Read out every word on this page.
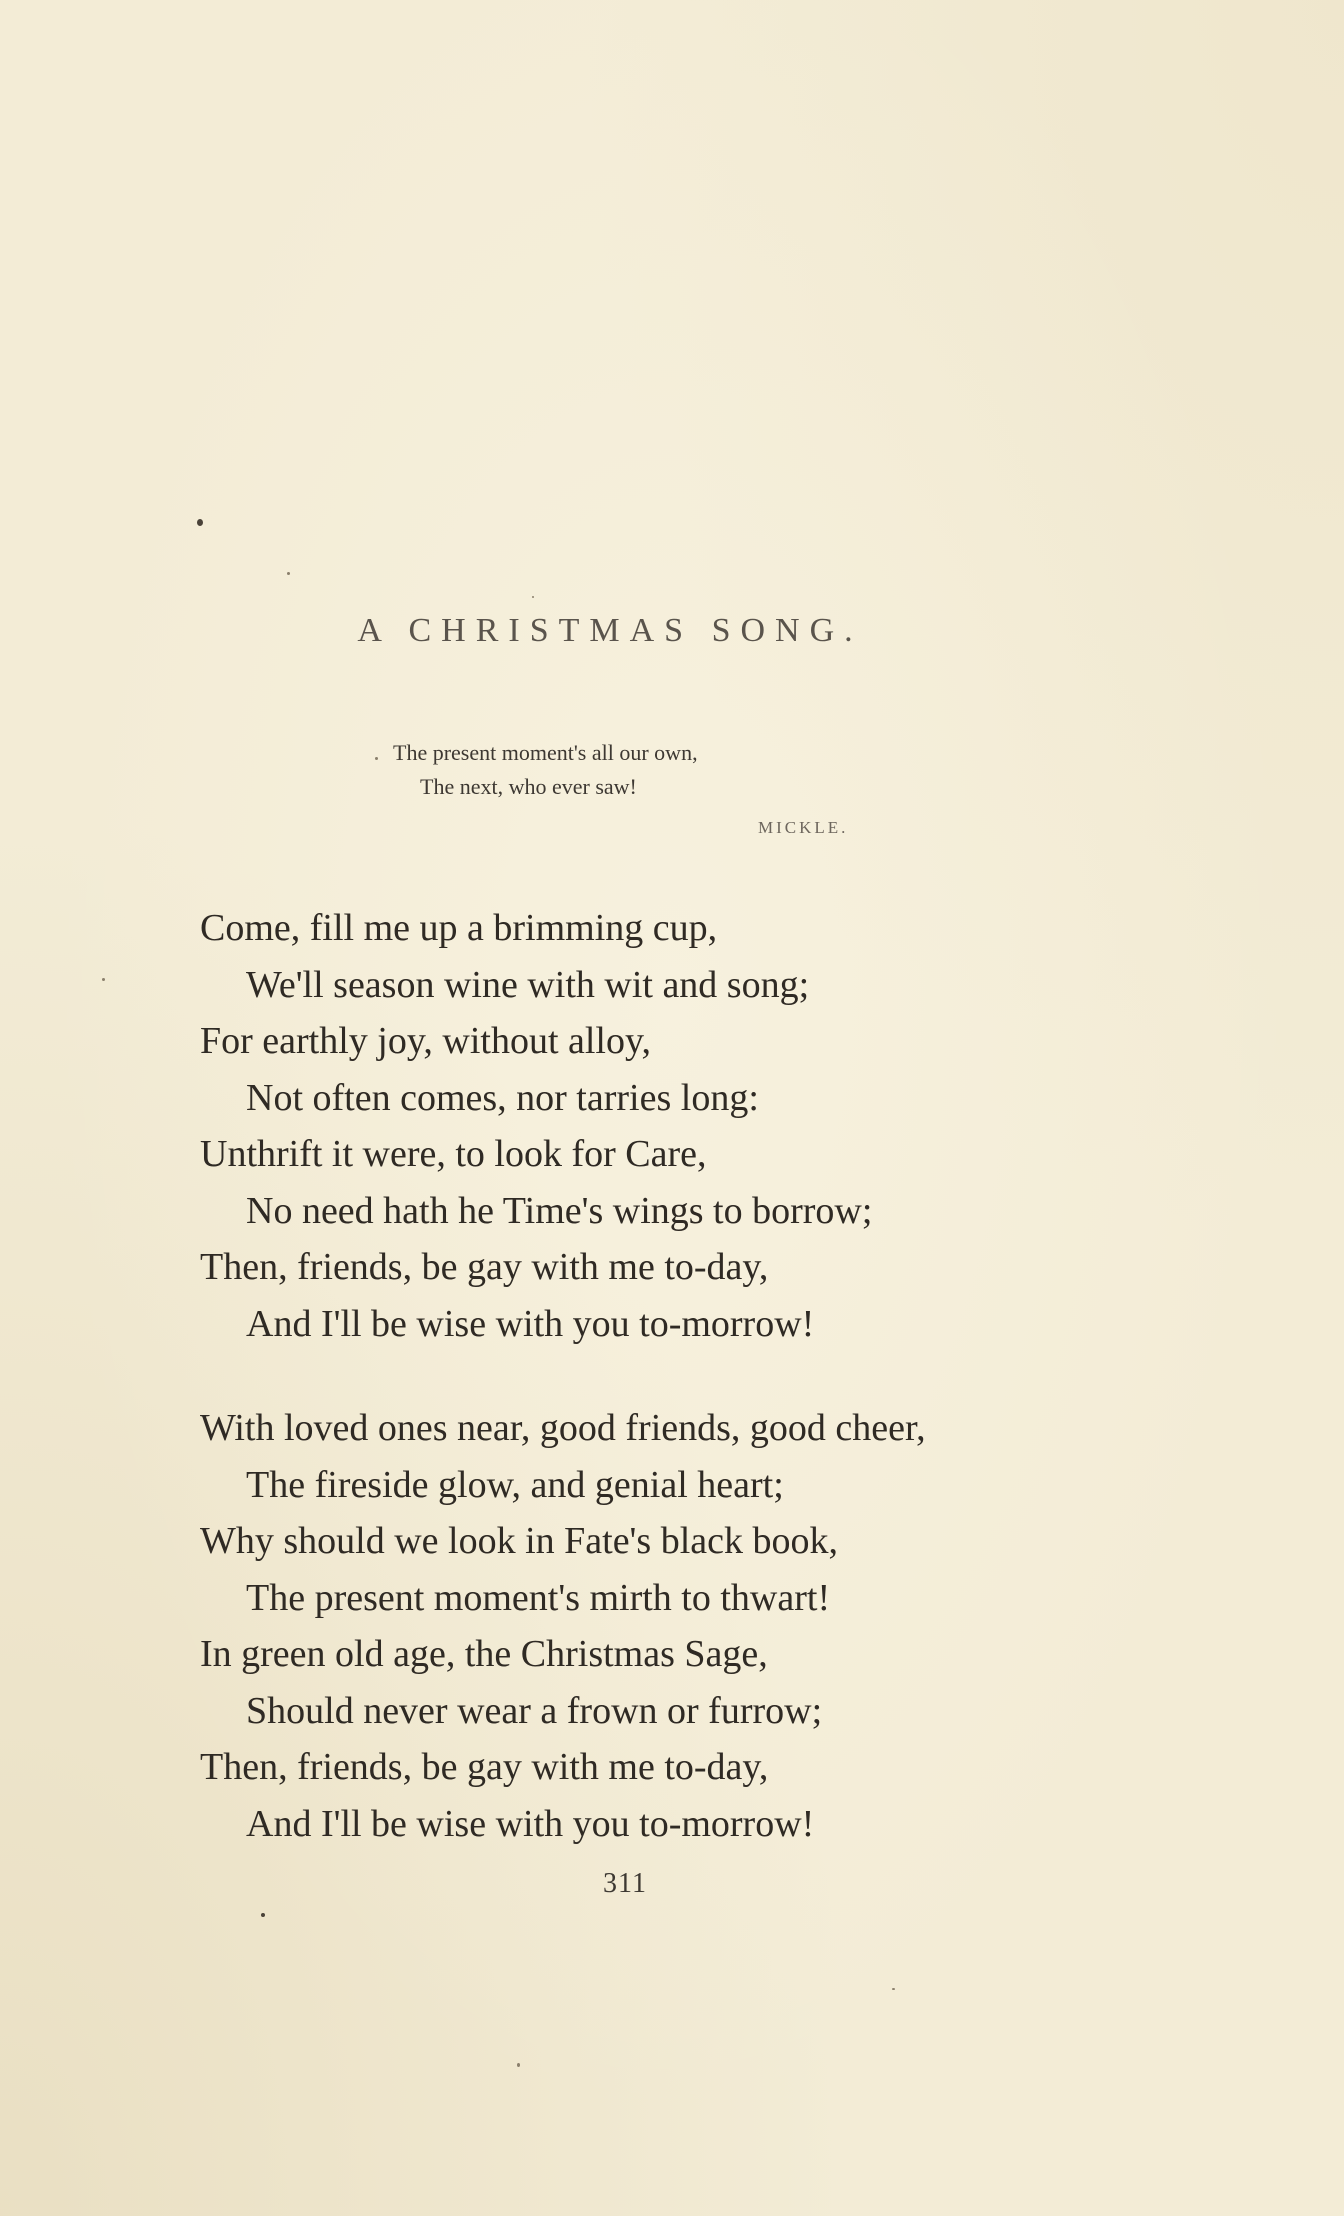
A CHRISTMAS SONG.
The present moment's all our own,
The next, who ever saw!
MICKLE.
Come, fill me up a brimming cup,
We'll season wine with wit and song;
For earthly joy, without alloy,
Not often comes, nor tarries long:
Unthrift it were, to look for Care,
No need hath he Time's wings to borrow;
Then, friends, be gay with me to-day,
And I'll be wise with you to-morrow!
With loved ones near, good friends, good cheer,
The fireside glow, and genial heart;
Why should we look in Fate's black book,
The present moment's mirth to thwart!
In green old age, the Christmas Sage,
Should never wear a frown or furrow;
Then, friends, be gay with me to-day,
And I'll be wise with you to-morrow!
311
